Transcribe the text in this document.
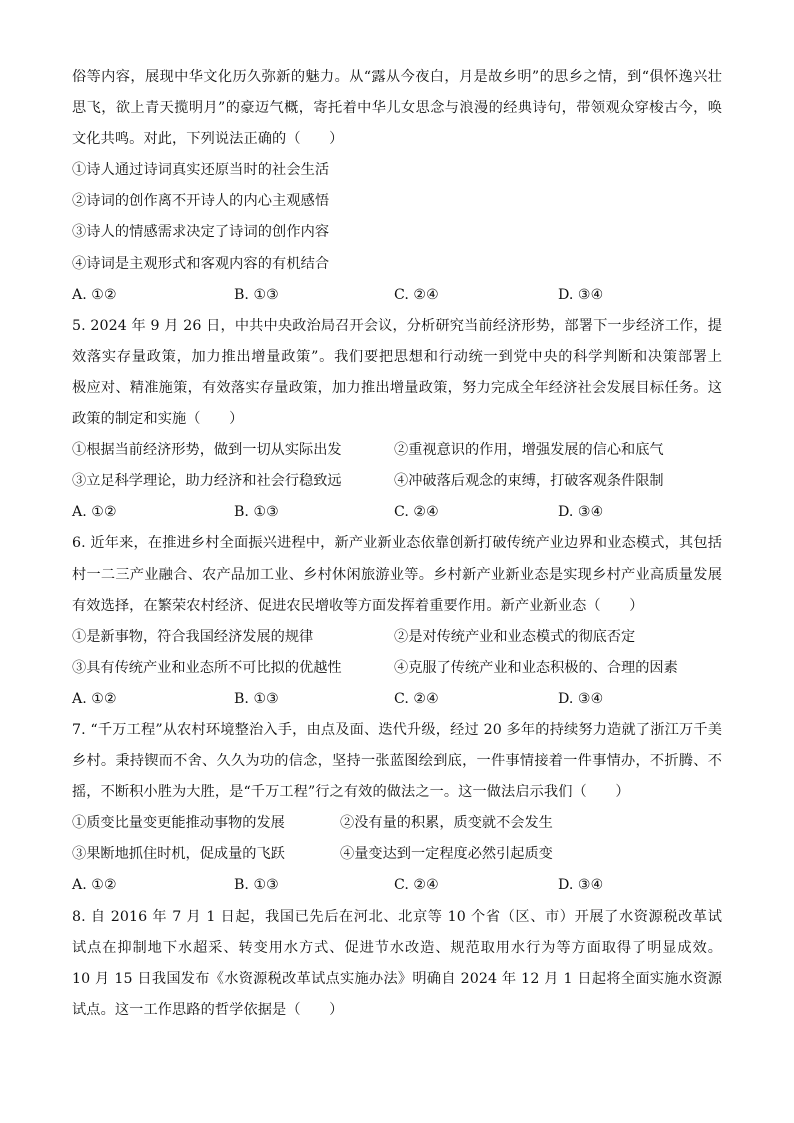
俗等内容，展现中华文化历久弥新的魅力。从“露从今夜白，月是故乡明”的思乡之情，到“俱怀逸兴壮
思飞，欲上青天揽明月”的豪迈气概，寄托着中华儿女思念与浪漫的经典诗句，带领观众穿梭古今，唤
文化共鸣。对此，下列说法正确的（　　）
①诗人通过诗词真实还原当时的社会生活
②诗词的创作离不开诗人的内心主观感悟
③诗人的情感需求决定了诗词的创作内容
④诗词是主观形式和客观内容的有机结合
A. ①②	B. ①③	C. ②④	D. ③④
5. 2024 年 9 月 26 日，中共中央政治局召开会议，分析研究当前经济形势，部署下一步经济工作，提
效落实存量政策，加力推出增量政策”。我们要把思想和行动统一到党中央的科学判断和决策部署上
极应对、精准施策，有效落实存量政策，加力推出增量政策，努力完成全年经济社会发展目标任务。这
政策的制定和实施（　　）
①根据当前经济形势，做到一切从实际出发	②重视意识的作用，增强发展的信心和底气
③立足科学理论，助力经济和社会行稳致远	④冲破落后观念的束缚，打破客观条件限制
A. ①②	B. ①③	C. ②④	D. ③④
6. 近年来，在推进乡村全面振兴进程中，新产业新业态依靠创新打破传统产业边界和业态模式，其包括
村一二三产业融合、农产品加工业、乡村休闲旅游业等。乡村新产业新业态是实现乡村产业高质量发展
有效选择，在繁荣农村经济、促进农民增收等方面发挥着重要作用。新产业新业态（　　）
①是新事物，符合我国经济发展的规律	②是对传统产业和业态模式的彻底否定
③具有传统产业和业态所不可比拟的优越性	④克服了传统产业和业态积极的、合理的因素
A. ①②	B. ①③	C. ②④	D. ③④
7. “千万工程”从农村环境整治入手，由点及面、迭代升级，经过 20 多年的持续努力造就了浙江万千美
乡村。秉持锲而不舍、久久为功的信念，坚持一张蓝图绘到底，一件事情接着一件事情办，不折腾、不
摇，不断积小胜为大胜，是“千万工程”行之有效的做法之一。这一做法启示我们（　　）
①质变比量变更能推动事物的发展	②没有量的积累，质变就不会发生
③果断地抓住时机，促成量的飞跃	④量变达到一定程度必然引起质变
A. ①②	B. ①③	C. ②④	D. ③④
8. 自 2016 年 7 月 1 日起，我国已先后在河北、北京等 10 个省（区、市）开展了水资源税改革试
试点在抑制地下水超采、转变用水方式、促进节水改造、规范取用水行为等方面取得了明显成效。
10 月 15 日我国发布《水资源税改革试点实施办法》明确自 2024 年 12 月 1 日起将全面实施水资源
试点。这一工作思路的哲学依据是（　　）
